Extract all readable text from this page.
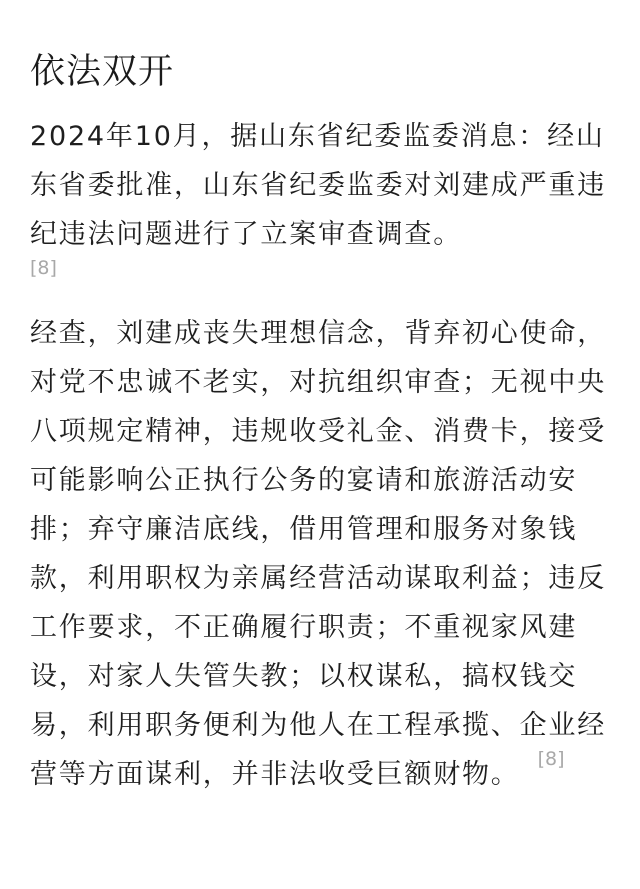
依法双开

2024年10月，据山东省纪委监委消息：经山东省委批准，山东省纪委监委对刘建成严重违纪违法问题进行了立案审查调查。
[8]

经查，刘建成丧失理想信念，背弃初心使命，对党不忠诚不老实，对抗组织审查；无视中央八项规定精神，违规收受礼金、消费卡，接受可能影响公正执行公务的宴请和旅游活动安排；弃守廉洁底线，借用管理和服务对象钱款，利用职权为亲属经营活动谋取利益；违反工作要求，不正确履行职责；不重视家风建设，对家人失管失教；以权谋私，搞权钱交易，利用职务便利为他人在工程承揽、企业经营等方面谋利，并非法收受巨额财物。 [8]
